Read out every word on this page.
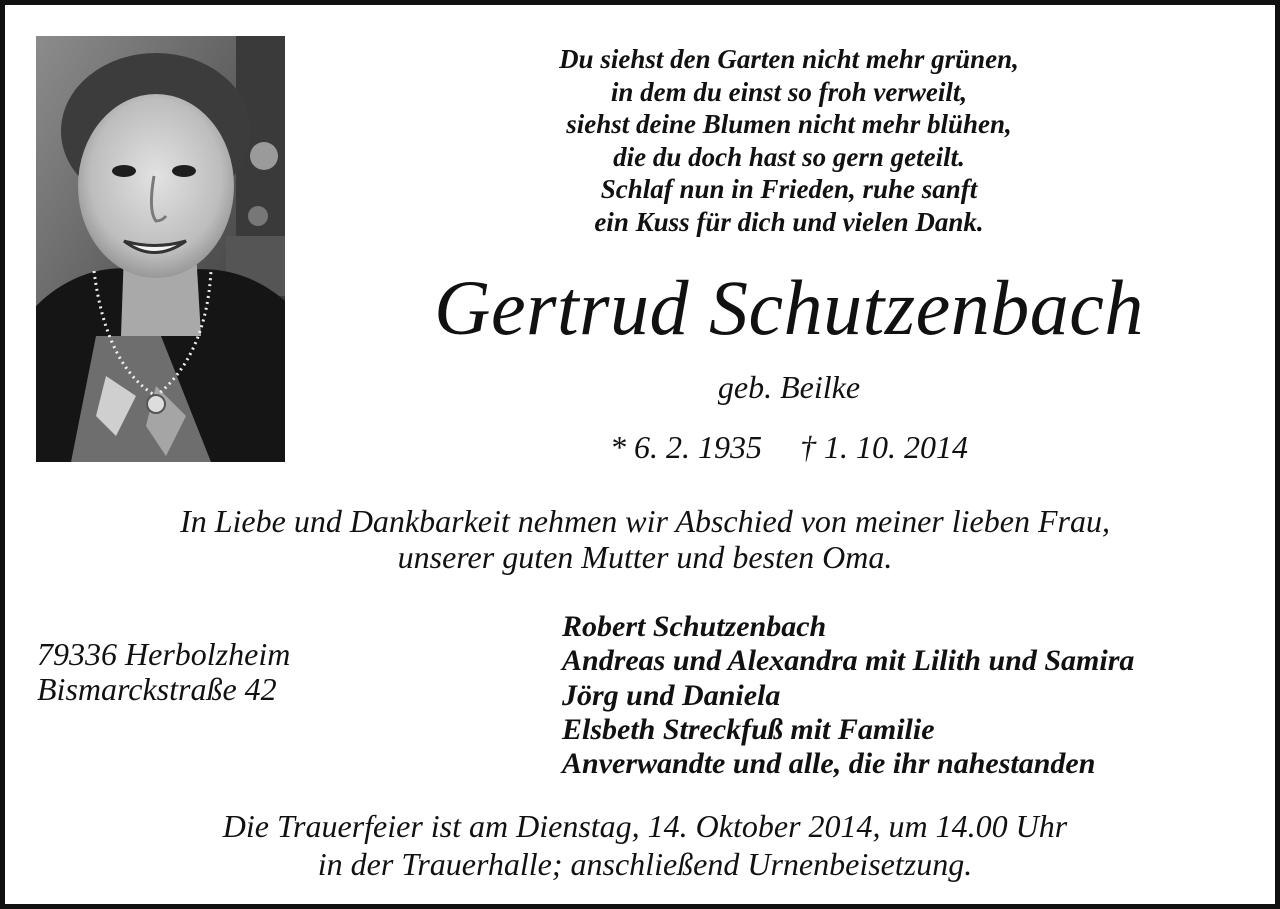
Du siehst den Garten nicht mehr grünen,
in dem du einst so froh verweilt,
siehst deine Blumen nicht mehr blühen,
die du doch hast so gern geteilt.
Schlaf nun in Frieden, ruhe sanft
ein Kuss für dich und vielen Dank.
Gertrud Schutzenbach
geb. Beilke
* 6. 2. 1935 † 1. 10. 2014
In Liebe und Dankbarkeit nehmen wir Abschied von meiner lieben Frau,
unserer guten Mutter und besten Oma.
79336 Herbolzheim
Bismarckstraße 42
Robert Schutzenbach
Andreas und Alexandra mit Lilith und Samira
Jörg und Daniela
Elsbeth Streckfuß mit Familie
Anverwandte und alle, die ihr nahestanden
Die Trauerfeier ist am Dienstag, 14. Oktober 2014, um 14.00 Uhr
in der Trauerhalle; anschließend Urnenbeisetzung.
